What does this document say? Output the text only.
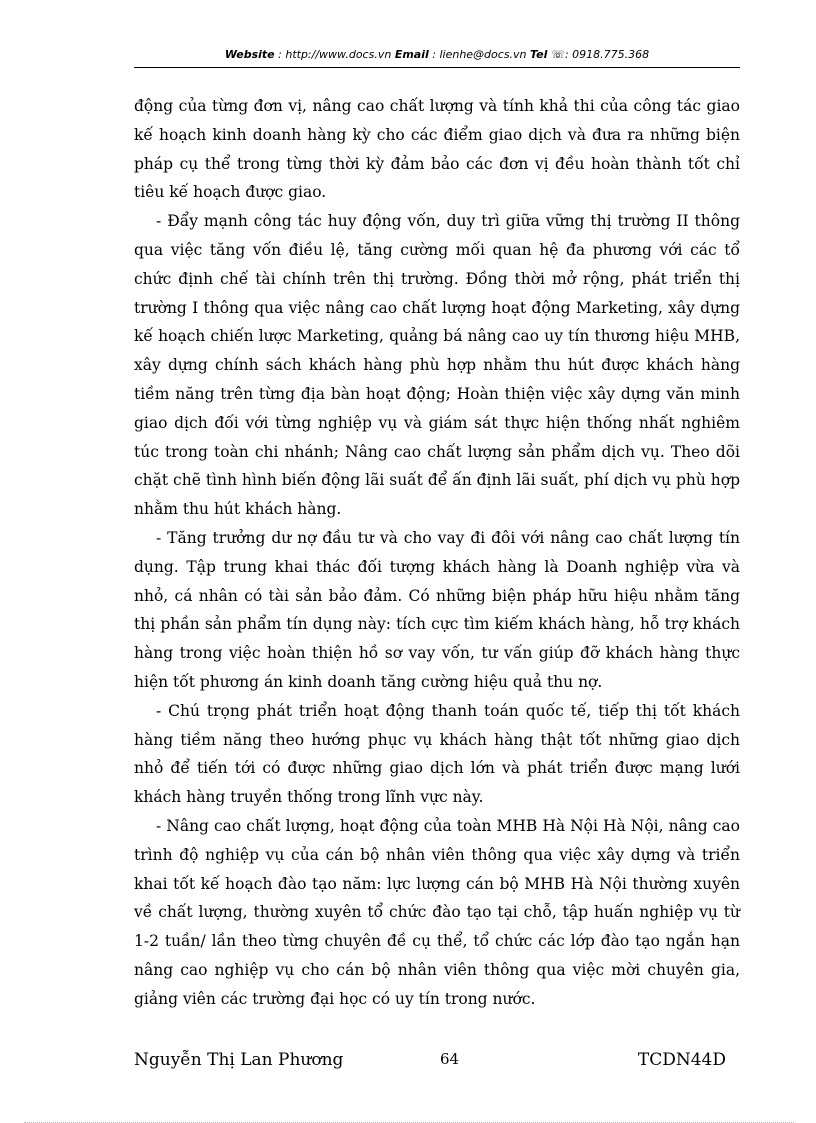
Website : http://www.docs.vn Email : lienhe@docs.vn Tel ☏: 0918.775.368

động của từng đơn vị, nâng cao chất lượng và tính khả thi của công tác giao kế hoạch kinh doanh hàng kỳ cho các điểm giao dịch và đưa ra những biện pháp cụ thể trong từng thời kỳ đảm bảo các đơn vị đều hoàn thành tốt chỉ tiêu kế hoạch được giao.

- Đẩy mạnh công tác huy động vốn, duy trì giữa vững thị trường II thông qua việc tăng vốn điều lệ, tăng cường mối quan hệ đa phương với các tổ chức định chế tài chính trên thị trường. Đồng thời mở rộng, phát triển thị trường I thông qua việc nâng cao chất lượng hoạt động Marketing, xây dựng kế hoạch chiến lược Marketing, quảng bá nâng cao uy tín thương hiệu MHB, xây dựng chính sách khách hàng phù hợp nhằm thu hút được khách hàng tiềm năng trên từng địa bàn hoạt động; Hoàn thiện việc xây dựng văn minh giao dịch đối với từng nghiệp vụ và giám sát thực hiện thống nhất nghiêm túc trong toàn chi nhánh; Nâng cao chất lượng sản phẩm dịch vụ. Theo dõi chặt chẽ tình hình biến động lãi suất để ấn định lãi suất, phí dịch vụ phù hợp nhằm thu hút khách hàng.

- Tăng trưởng dư nợ đầu tư và cho vay đi đôi với nâng cao chất lượng tín dụng. Tập trung khai thác đối tượng khách hàng là Doanh nghiệp vừa và nhỏ, cá nhân có tài sản bảo đảm. Có những biện pháp hữu hiệu nhằm tăng thị phần sản phẩm tín dụng này: tích cực tìm kiếm khách hàng, hỗ trợ khách hàng trong việc hoàn thiện hồ sơ vay vốn, tư vấn giúp đỡ khách hàng thực hiện tốt phương án kinh doanh tăng cường hiệu quả thu nợ.

- Chú trọng phát triển hoạt động thanh toán quốc tế, tiếp thị tốt khách hàng tiềm năng theo hướng phục vụ khách hàng thật tốt những giao dịch nhỏ để tiến tới có được những giao dịch lớn và phát triển được mạng lưới khách hàng truyền thống trong lĩnh vực này.

- Nâng cao chất lượng, hoạt động của toàn MHB Hà Nội Hà Nội, nâng cao trình độ nghiệp vụ của cán bộ nhân viên thông qua việc xây dựng và triển khai tốt kế hoạch đào tạo năm: lực lượng cán bộ MHB Hà Nội thường xuyên về chất lượng, thường xuyên tổ chức đào tạo tại chỗ, tập huấn nghiệp vụ từ 1-2 tuần/ lần theo từng chuyên đề cụ thể, tổ chức các lớp đào tạo ngắn hạn nâng cao nghiệp vụ cho cán bộ nhân viên thông qua việc mời chuyên gia, giảng viên các trường đại học có uy tín trong nước.

Nguyễn Thị Lan Phương	64	TCDN44D
